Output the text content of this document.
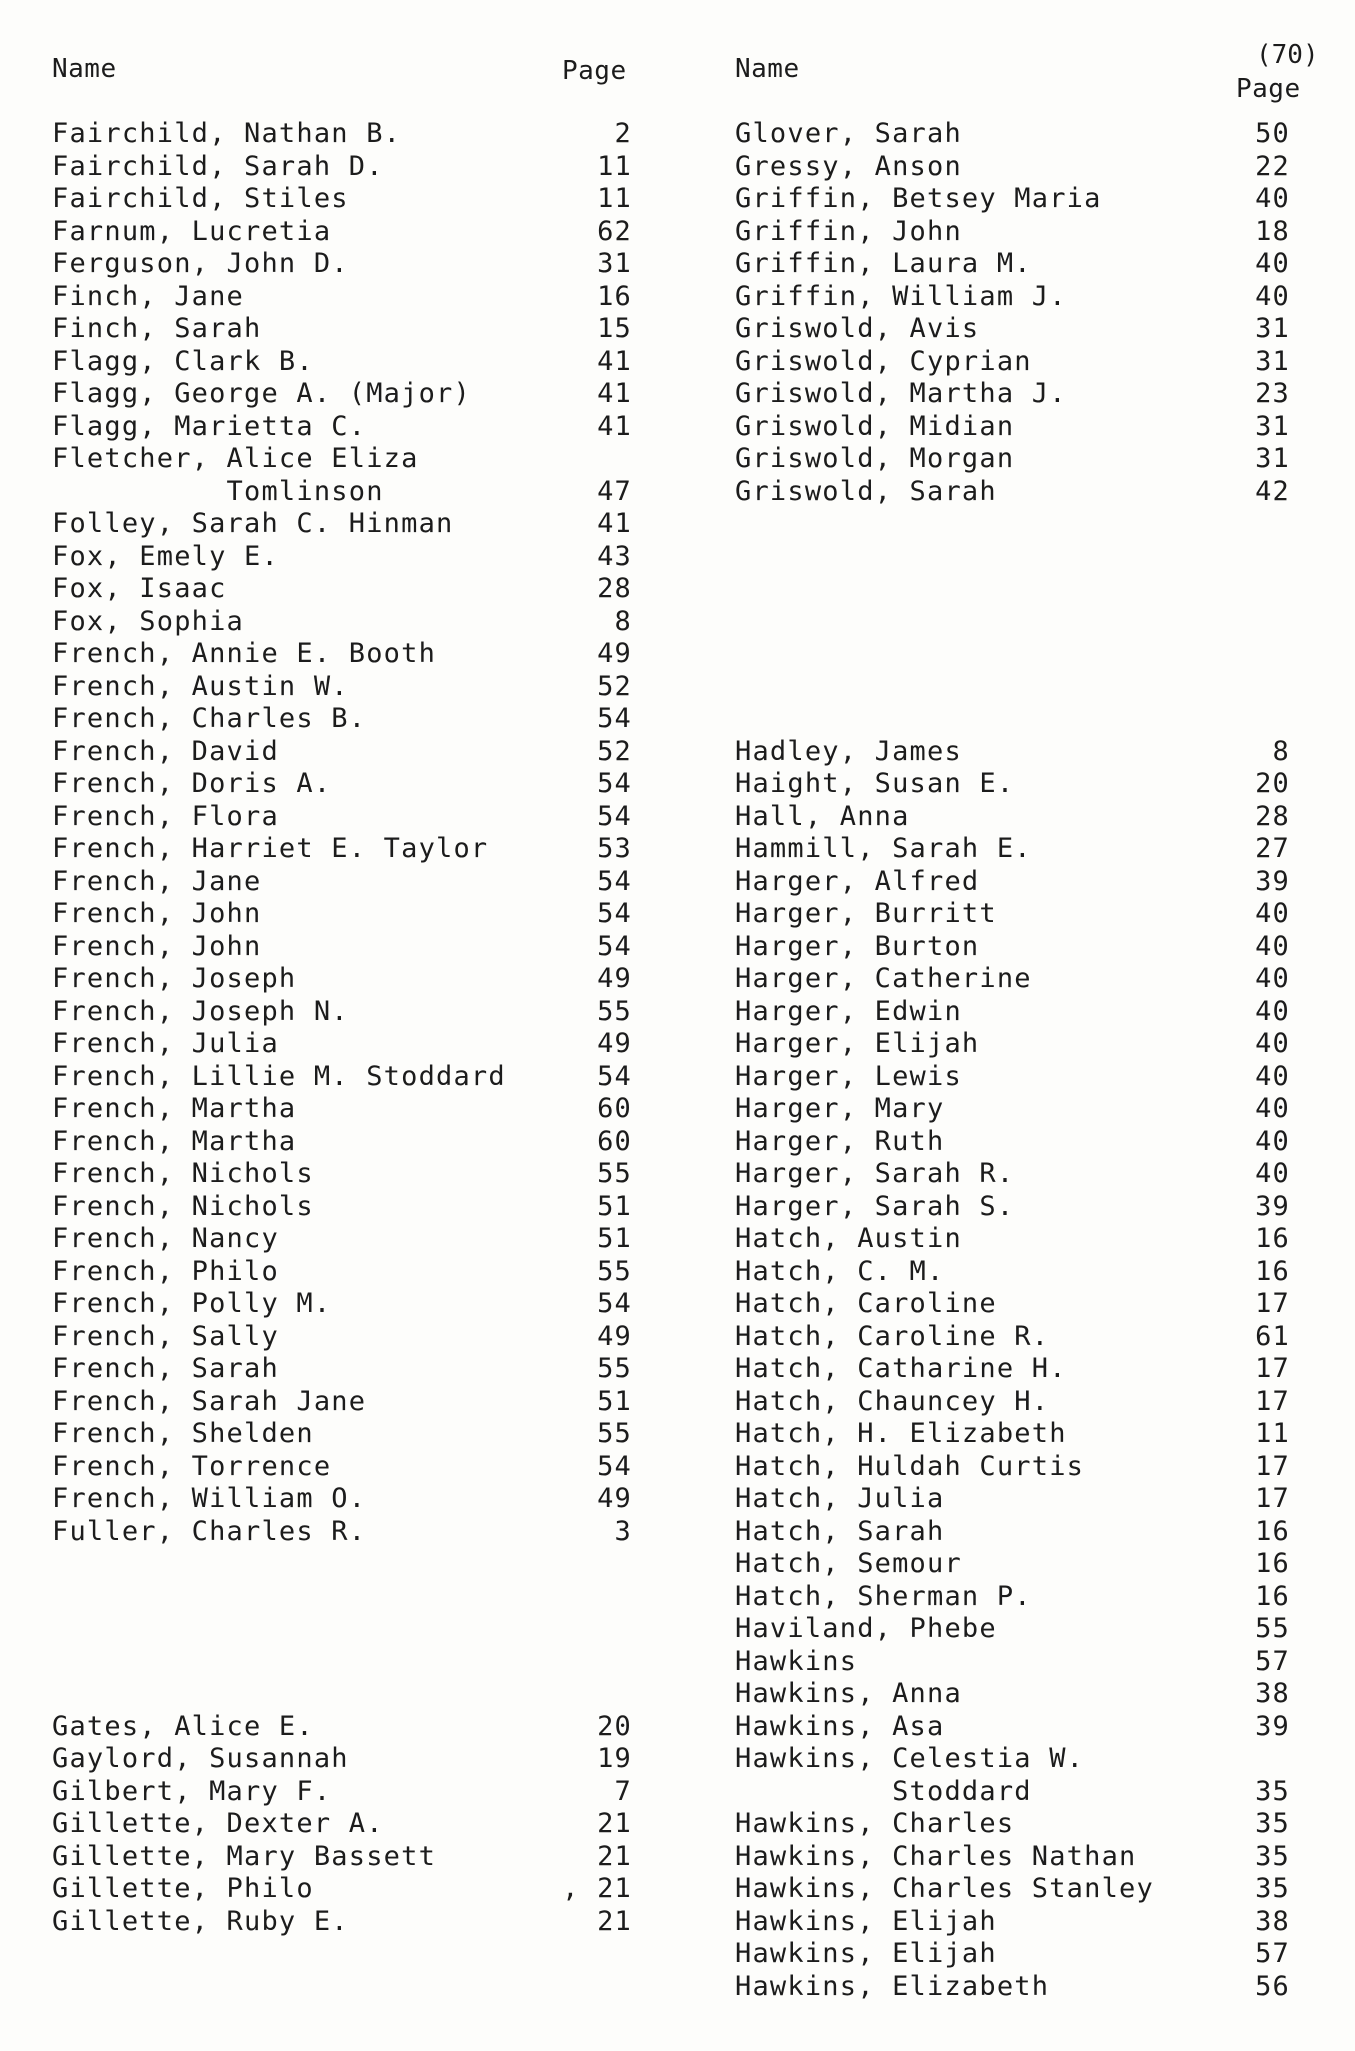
Name	Page	Name	(70)
Page
Fairchild, Nathan B.	2
Fairchild, Sarah D.	11
Fairchild, Stiles	11
Farnum, Lucretia	62
Ferguson, John D.	31
Finch, Jane	16
Finch, Sarah	15
Flagg, Clark B.	41
Flagg, George A. (Major)	41
Flagg, Marietta C.	41
Fletcher, Alice Eliza
Tomlinson	47
Folley, Sarah C. Hinman	41
Fox, Emely E.	43
Fox, Isaac	28
Fox, Sophia	8
French, Annie E. Booth	49
French, Austin W.	52
French, Charles B.	54
French, David	52
French, Doris A.	54
French, Flora	54
French, Harriet E. Taylor	53
French, Jane	54
French, John	54
French, John	54
French, Joseph	49
French, Joseph N.	55
French, Julia	49
French, Lillie M. Stoddard	54
French, Martha	60
French, Martha	60
French, Nichols	55
French, Nichols	51
French, Nancy	51
French, Philo	55
French, Polly M.	54
French, Sally	49
French, Sarah	55
French, Sarah Jane	51
French, Shelden	55
French, Torrence	54
French, William O.	49
Fuller, Charles R.	3
Gates, Alice E.	20
Gaylord, Susannah	19
Gilbert, Mary F.	7
Gillette, Dexter A.	21
Gillette, Mary Bassett	21
Gillette, Philo	, 21
Gillette, Ruby E.	21
Glover, Sarah	50
Gressy, Anson	22
Griffin, Betsey Maria	40
Griffin, John	18
Griffin, Laura M.	40
Griffin, William J.	40
Griswold, Avis	31
Griswold, Cyprian	31
Griswold, Martha J.	23
Griswold, Midian	31
Griswold, Morgan	31
Griswold, Sarah	42
Hadley, James	8
Haight, Susan E.	20
Hall, Anna	28
Hammill, Sarah E.	27
Harger, Alfred	39
Harger, Burritt	40
Harger, Burton	40
Harger, Catherine	40
Harger, Edwin	40
Harger, Elijah	40
Harger, Lewis	40
Harger, Mary	40
Harger, Ruth	40
Harger, Sarah R.	40
Harger, Sarah S.	39
Hatch, Austin	16
Hatch, C. M.	16
Hatch, Caroline	17
Hatch, Caroline R.	61
Hatch, Catharine H.	17
Hatch, Chauncey H.	17
Hatch, H. Elizabeth	11
Hatch, Huldah Curtis	17
Hatch, Julia	17
Hatch, Sarah	16
Hatch, Semour	16
Hatch, Sherman P.	16
Haviland, Phebe	55
Hawkins	57
Hawkins, Anna	38
Hawkins, Asa	39
Hawkins, Celestia W.
Stoddard	35
Hawkins, Charles	35
Hawkins, Charles Nathan	35
Hawkins, Charles Stanley	35
Hawkins, Elijah	38
Hawkins, Elijah	57
Hawkins, Elizabeth	56
